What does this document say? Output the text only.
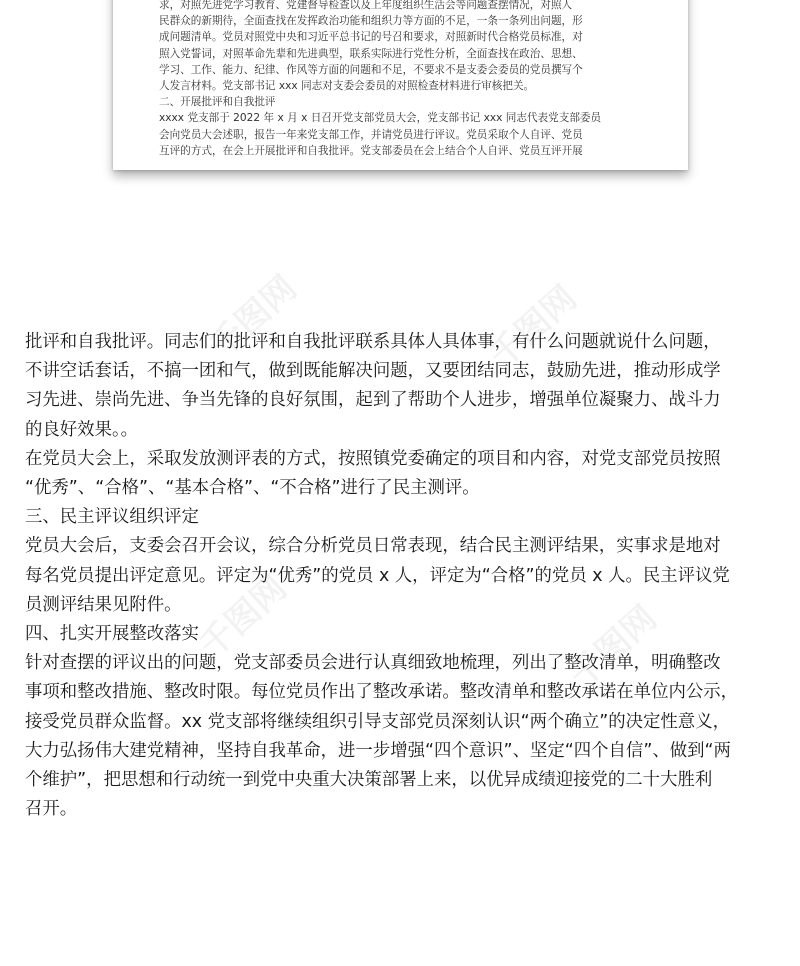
求，对照先进党学习教育、党建督导检查以及上年度组织生活会等问题查摆情况，对照人
民群众的新期待，全面查找在发挥政治功能和组织力等方面的不足，一条一条列出问题，形
成问题清单。党员对照党中央和习近平总书记的号召和要求，对照新时代合格党员标准，对
照入党誓词，对照革命先辈和先进典型，联系实际进行党性分析，全面查找在政治、思想、
学习、工作、能力、纪律、作风等方面的问题和不足，不要求不是支委会委员的党员撰写个
人发言材料。党支部书记 xxx 同志对支委会委员的对照检查材料进行审核把关。
二、开展批评和自我批评
xxxx 党支部于 2022 年 x 月 x 日召开党支部党员大会，党支部书记 xxx 同志代表党支部委员
会向党员大会述职，报告一年来党支部工作，并请党员进行评议。党员采取个人自评、党员
互评的方式，在会上开展批评和自我批评。党支部委员在会上结合个人自评、党员互评开展
千图网	千图网
千图网	千图网
批评和自我批评。同志们的批评和自我批评联系具体人具体事，有什么问题就说什么问题，
不讲空话套话，不搞一团和气，做到既能解决问题，又要团结同志，鼓励先进，推动形成学
习先进、崇尚先进、争当先锋的良好氛围，起到了帮助个人进步，增强单位凝聚力、战斗力
的良好效果。。
在党员大会上，采取发放测评表的方式，按照镇党委确定的项目和内容，对党支部党员按照
“优秀”、“合格”、“基本合格”、“不合格”进行了民主测评。
三、民主评议组织评定
党员大会后，支委会召开会议，综合分析党员日常表现，结合民主测评结果，实事求是地对
每名党员提出评定意见。评定为“优秀”的党员 x 人，评定为“合格”的党员 x 人。民主评议党
员测评结果见附件。
四、扎实开展整改落实
针对查摆的评议出的问题，党支部委员会进行认真细致地梳理，列出了整改清单，明确整改
事项和整改措施、整改时限。每位党员作出了整改承诺。整改清单和整改承诺在单位内公示，
接受党员群众监督。xx 党支部将继续组织引导支部党员深刻认识“两个确立”的决定性意义，
大力弘扬伟大建党精神，坚持自我革命，进一步增强“四个意识”、坚定“四个自信”、做到“两
个维护”，把思想和行动统一到党中央重大决策部署上来，以优异成绩迎接党的二十大胜利
召开。
